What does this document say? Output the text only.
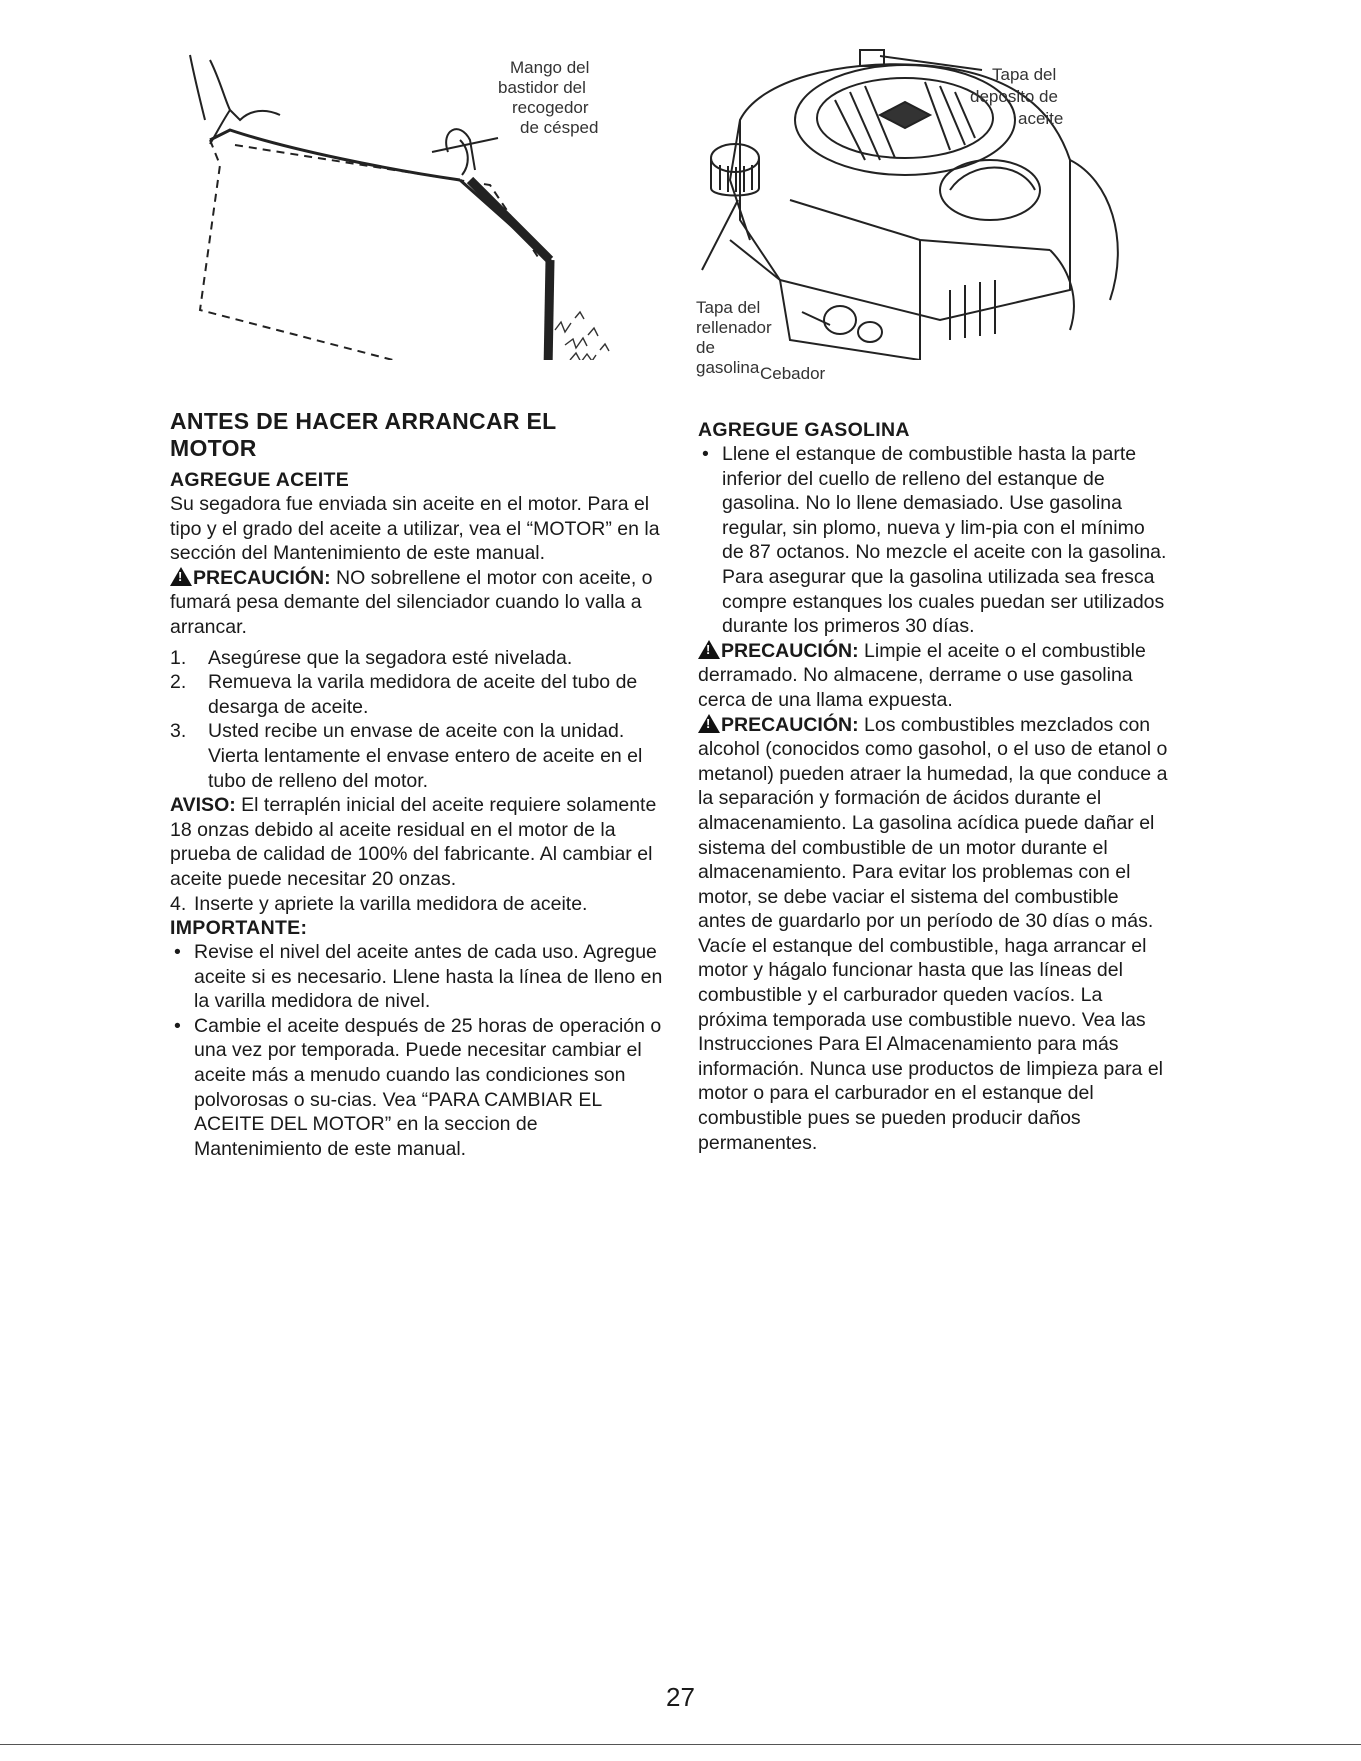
Mango del
bastidor del
recogedor
de césped
Tapa del
deposito de
aceite
Tapa del
rellenador
de
gasolina Cebador
ANTES DE HACER ARRANCAR EL MOTOR
AGREGUE ACEITE

Su segadora fue enviada sin aceite en el motor. Para el tipo y el grado del aceite a utilizar, vea el “MOTOR” en la sección del Mantenimiento de este manual.

!PRECAUCIÓN: NO sobrellene el motor con aceite, o fumará pesa demante del silenciador cuando lo valla a arrancar.

1. Asegúrese que la segadora esté nivelada.
2. Remueva la varila medidora de aceite del tubo de desarga de aceite.
3. Usted recibe un envase de aceite con la unidad. Vierta lentamente el envase entero de aceite en el tubo de relleno del motor.

AVISO: El terraplén inicial del aceite requiere solamente 18 onzas debido al aceite residual en el motor de la prueba de calidad de 100% del fabricante. Al cambiar el aceite puede necesitar 20 onzas.

4. Inserte y apriete la varilla medidora de aceite.
IMPORTANTE:
• Revise el nivel del aceite antes de cada uso. Agregue aceite si es necesario. Llene hasta la línea de lleno en la varilla medidora de nivel.
• Cambie el aceite después de 25 horas de operación o una vez por temporada. Puede necesitar cambiar el aceite más a menudo cuando las condiciones son polvorosas o su-cias. Vea “PARA CAMBIAR EL ACEITE DEL MOTOR” en la seccion de Mantenimiento de este manual.
AGREGUE GASOLINA
• Llene el estanque de combustible hasta la parte inferior del cuello de relleno del estanque de gasolina. No lo llene demasiado. Use gasolina regular, sin plomo, nueva y lim-pia con el mínimo de 87 octanos. No mezcle el aceite con la gasolina. Para asegurar que la gasolina utilizada sea fresca compre estanques los cuales puedan ser utilizados durante los primeros 30 días.

!PRECAUCIÓN: Limpie el aceite o el combustible derramado. No almacene, derrame o use gasolina cerca de una llama expuesta.

!PRECAUCIÓN: Los combustibles mezclados con alcohol (conocidos como gasohol, o el uso de etanol o metanol) pueden atraer la humedad, la que conduce a la separación y formación de ácidos durante el almacenamiento. La gasolina acídica puede dañar el sistema del combustible de un motor durante el almacenamiento. Para evitar los problemas con el motor, se debe vaciar el sistema del combustible antes de guardarlo por un período de 30 días o más. Vacíe el estanque del combustible, haga arrancar el motor y hágalo funcionar hasta que las líneas del combustible y el carburador queden vacíos. La próxima temporada use combustible nuevo. Vea las Instrucciones Para El Almacenamiento para más información. Nunca use productos de limpieza para el motor o para el carburador en el estanque del combustible pues se pueden producir daños permanentes.

27
